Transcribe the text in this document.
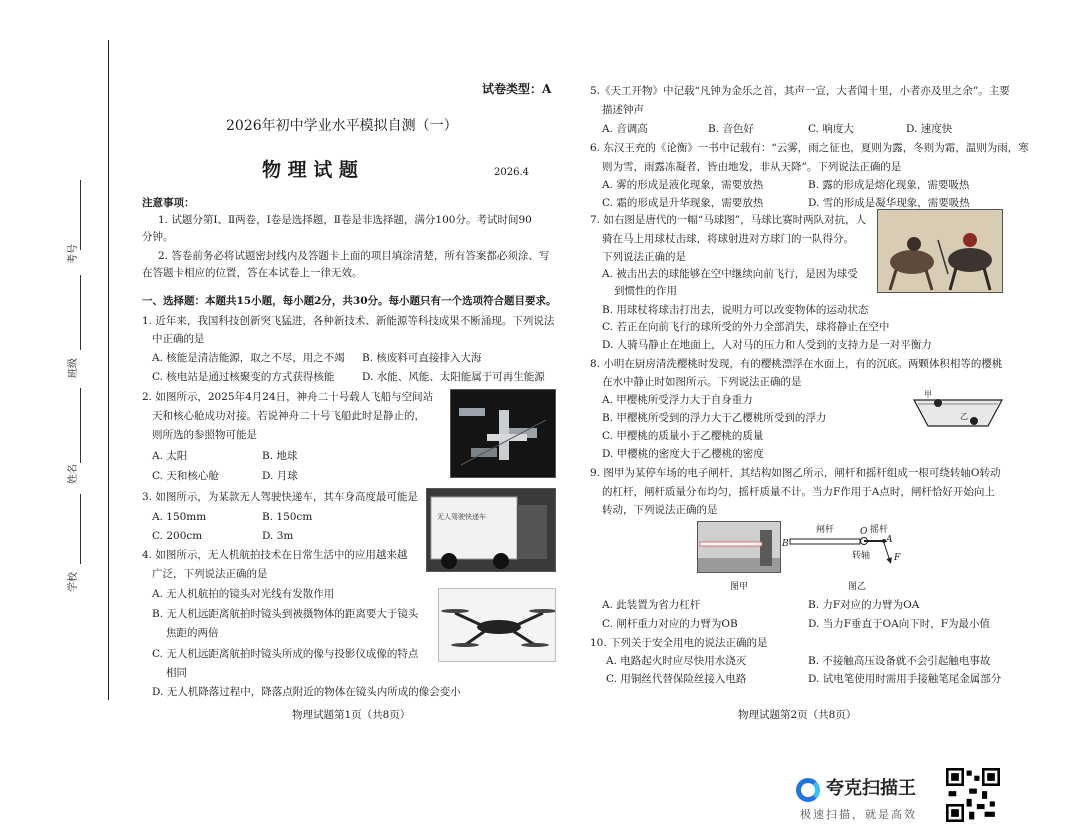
考号
班级
姓名
学校
试卷类型：A
2026年初中学业水平模拟自测（一）
物 理 试 题	2026.4
注意事项：
1. 试题分第Ⅰ、Ⅱ两卷，Ⅰ卷是选择题，Ⅱ卷是非选择题，满分100分。考试时间90
分钟。
2. 答卷前务必将试题密封线内及答题卡上面的项目填涂清楚，所有答案都必须涂、写
在答题卡相应的位置，答在本试卷上一律无效。
一、选择题：本题共15小题，每小题2分，共30分。每小题只有一个选项符合题目要求。
1. 近年来，我国科技创新突飞猛进，各种新技术、新能源等科技成果不断涌现。下列说法
中正确的是
A. 核能是清洁能源，取之不尽，用之不竭 B. 核废料可直接排入大海
C. 核电站是通过核聚变的方式获得核能	D. 水能、风能、太阳能属于可再生能源
2. 如图所示，2025年4月24日，神舟二十号载人飞船与空间站
天和核心舱成功对接。若说神舟二十号飞船此时是静止的，
则所选的参照物可能是
A. 太阳	B. 地球
C. 天和核心舱	D. 月球
3. 如图所示，为某款无人驾驶快递车，其车身高度最可能是
A. 150mm	B. 150cm
C. 200cm	D. 3m
无人驾驶快递车
4. 如图所示，无人机航拍技术在日常生活中的应用越来越
广泛，下列说法正确的是
A. 无人机航拍的镜头对光线有发散作用
B. 无人机远距离航拍时镜头到被摄物体的距离要大于镜头
焦距的两倍
C. 无人机远距离航拍时镜头所成的像与投影仪成像的特点
相同
D. 无人机降落过程中，降落点附近的物体在镜头内所成的像会变小
物理试题第1页（共8页）
5.《天工开物》中记载“凡钟为金乐之首，其声一宣，大者闻十里，小者亦及里之余”。主要
描述钟声
A. 音调高	B. 音色好	C. 响度大	D. 速度快
6. 东汉王充的《论衡》一书中记载有：“云雾，雨之征也，夏则为露，冬则为霜，温则为雨，寒
则为雪，雨露冻凝者，皆由地发，非从天降”。下列说法正确的是
A. 雾的形成是液化现象，需要放热	B. 露的形成是熔化现象，需要吸热
C. 霜的形成是升华现象，需要放热	D. 雪的形成是凝华现象，需要吸热
7. 如右图是唐代的一幅“马球图”，马球比赛时两队对抗，人
骑在马上用球杖击球，将球射进对方球门的一队得分。
下列说法正确的是
A. 被击出去的球能够在空中继续向前飞行，是因为球受
到惯性的作用
B. 用球杖将球击打出去，说明力可以改变物体的运动状态
C. 若正在向前飞行的球所受的外力全部消失，球将静止在空中
D. 人骑马静止在地面上，人对马的压力和人受到的支持力是一对平衡力
8. 小明在厨房清洗樱桃时发现，有的樱桃漂浮在水面上，有的沉底。两颗体积相等的樱桃
在水中静止时如图所示。下列说法正确的是
A. 甲樱桃所受浮力大于自身重力
B. 甲樱桃所受到的浮力大于乙樱桃所受到的浮力
C. 甲樱桃的质量小于乙樱桃的质量
D. 甲樱桃的密度大于乙樱桃的密度
甲
乙
9. 图甲为某停车场的电子闸杆，其结构如图乙所示，闸杆和摇杆组成一根可绕转轴O转动
的杠杆，闸杆质量分布均匀，摇杆质量不计。当力F作用于A点时，闸杆恰好开始向上
转动，下列说法正确的是
B
闸杆	O 摇杆
A
F
转轴
图甲	图乙
A. 此装置为省力杠杆	B. 力F对应的力臂为OA
C. 闸杆重力对应的力臂为OB	D. 当力F垂直于OA向下时，F为最小值
10. 下列关于安全用电的说法正确的是
A. 电路起火时应尽快用水浇灭	B. 不接触高压设备就不会引起触电事故
C. 用铜丝代替保险丝接入电路	D. 试电笔使用时需用手接触笔尾金属部分
物理试题第2页（共8页）
夸克扫描王
极速扫描，就是高效
